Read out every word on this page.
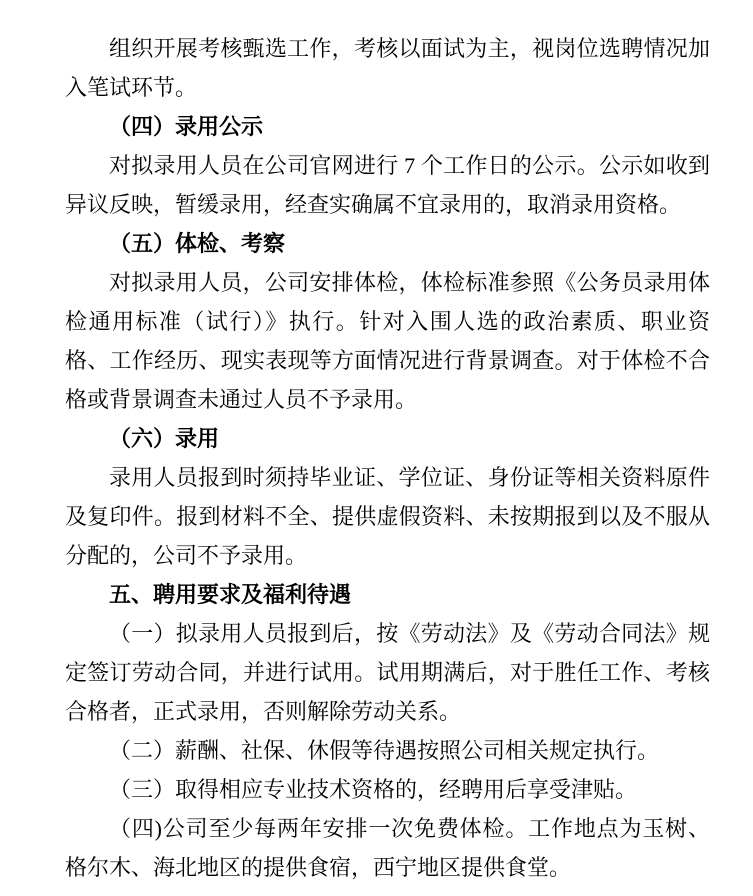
组织开展考核甄选工作，考核以面试为主，视岗位选聘情况加入笔试环节。

（四）录用公示

对拟录用人员在公司官网进行 7 个工作日的公示。公示如收到异议反映，暂缓录用，经查实确属不宜录用的，取消录用资格。

（五）体检、考察

对拟录用人员，公司安排体检，体检标准参照《公务员录用体检通用标准（试行）》执行。针对入围人选的政治素质、职业资格、工作经历、现实表现等方面情况进行背景调查。对于体检不合格或背景调查未通过人员不予录用。

（六）录用

录用人员报到时须持毕业证、学位证、身份证等相关资料原件及复印件。报到材料不全、提供虚假资料、未按期报到以及不服从分配的，公司不予录用。

五、聘用要求及福利待遇

（一）拟录用人员报到后，按《劳动法》及《劳动合同法》规定签订劳动合同，并进行试用。试用期满后，对于胜任工作、考核合格者，正式录用，否则解除劳动关系。

（二）薪酬、社保、休假等待遇按照公司相关规定执行。

（三）取得相应专业技术资格的，经聘用后享受津贴。

（四)公司至少每两年安排一次免费体检。工作地点为玉树、格尔木、海北地区的提供食宿，西宁地区提供食堂。
